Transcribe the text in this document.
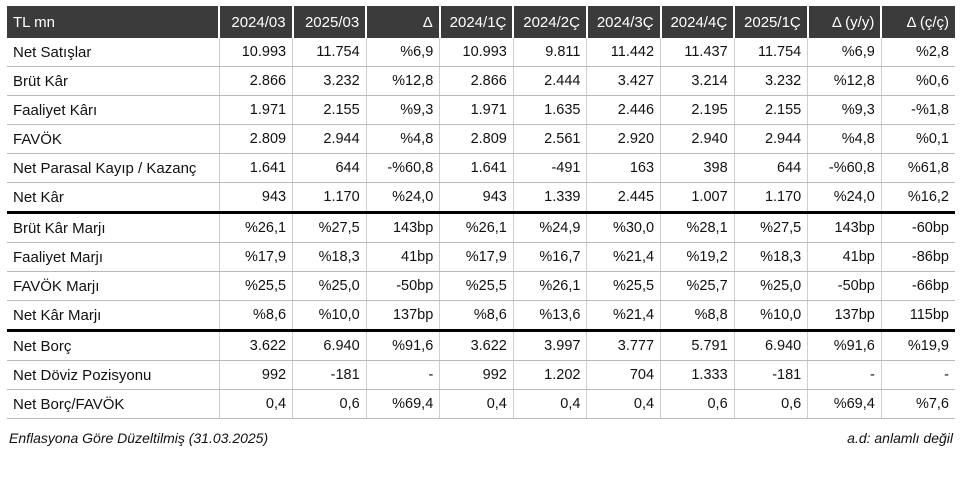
TL mn	2024/03	2025/03	Δ	2024/1Ç	2024/2Ç	2024/3Ç	2024/4Ç	2025/1Ç	Δ (y/y)	Δ (ç/ç)
Net Satışlar	10.993	11.754	%6,9	10.993	9.811	11.442	11.437	11.754	%6,9	%2,8
Brüt Kâr	2.866	3.232	%12,8	2.866	2.444	3.427	3.214	3.232	%12,8	%0,6
Faaliyet Kârı	1.971	2.155	%9,3	1.971	1.635	2.446	2.195	2.155	%9,3	-%1,8
FAVÖK	2.809	2.944	%4,8	2.809	2.561	2.920	2.940	2.944	%4,8	%0,1
Net Parasal Kayıp / Kazanç	1.641	644	-%60,8	1.641	-491	163	398	644	-%60,8	%61,8
Net Kâr	943	1.170	%24,0	943	1.339	2.445	1.007	1.170	%24,0	%16,2
Brüt Kâr Marjı	%26,1	%27,5	143bp	%26,1	%24,9	%30,0	%28,1	%27,5	143bp	-60bp
Faaliyet Marjı	%17,9	%18,3	41bp	%17,9	%16,7	%21,4	%19,2	%18,3	41bp	-86bp
FAVÖK Marjı	%25,5	%25,0	-50bp	%25,5	%26,1	%25,5	%25,7	%25,0	-50bp	-66bp
Net Kâr Marjı	%8,6	%10,0	137bp	%8,6	%13,6	%21,4	%8,8	%10,0	137bp	115bp
Net Borç	3.622	6.940	%91,6	3.622	3.997	3.777	5.791	6.940	%91,6	%19,9
Net Döviz Pozisyonu	992	-181	-	992	1.202	704	1.333	-181	-	-
Net Borç/FAVÖK	0,4	0,6	%69,4	0,4	0,4	0,4	0,6	0,6	%69,4	%7,6
Enflasyona Göre Düzeltilmiş (31.03.2025)	a.d: anlamlı değil
